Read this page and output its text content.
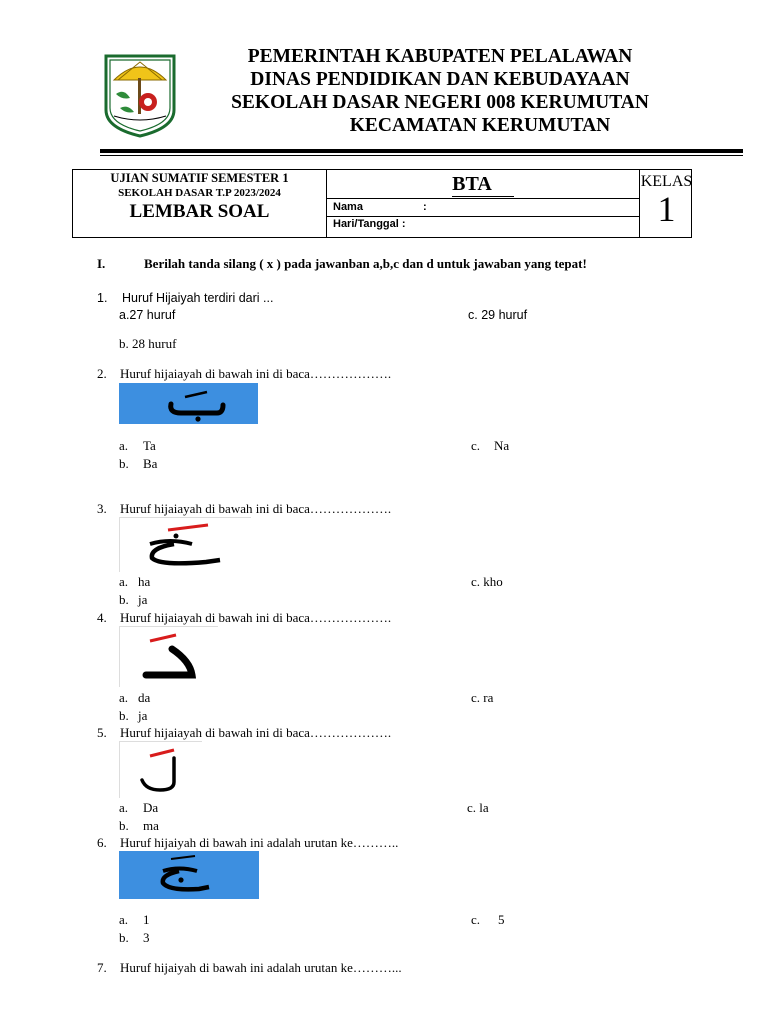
PEMERINTAH KABUPATEN PELALAWAN
DINAS PENDIDIKAN DAN KEBUDAYAAN
SEKOLAH DASAR NEGERI 008 KERUMUTAN
KECAMATAN KERUMUTAN
UJIAN SUMATIF SEMESTER 1
SEKOLAH DASAR T.P 2023/2024
LEMBAR SOAL
BTA
Nama	:
Hari/Tanggal :
KELAS
1
I.	Berilah tanda silang ( x ) pada jawanban a,b,c dan d untuk jawaban yang tepat!
1. Huruf Hijaiyah terdiri dari ...
a.27 huruf	c. 29 huruf
b. 28 huruf
2. Huruf hijaiayah di bawah ini di baca……………….
a. Ta
b. Ba
c. Na
3. Huruf hijaiayah di bawah ini di baca……………….
a. ha
b. ja
c. kho
4. Huruf hijaiayah di bawah ini di baca……………….
a. da
b. ja
c. ra
5. Huruf hijaiayah di bawah ini di baca……………….
a. Da
b. ma
c. la
6. Huruf hijaiyah di bawah ini adalah urutan ke………..
a. 1
b. 3
c. 5
7. Huruf hijaiyah di bawah ini adalah urutan ke………...
